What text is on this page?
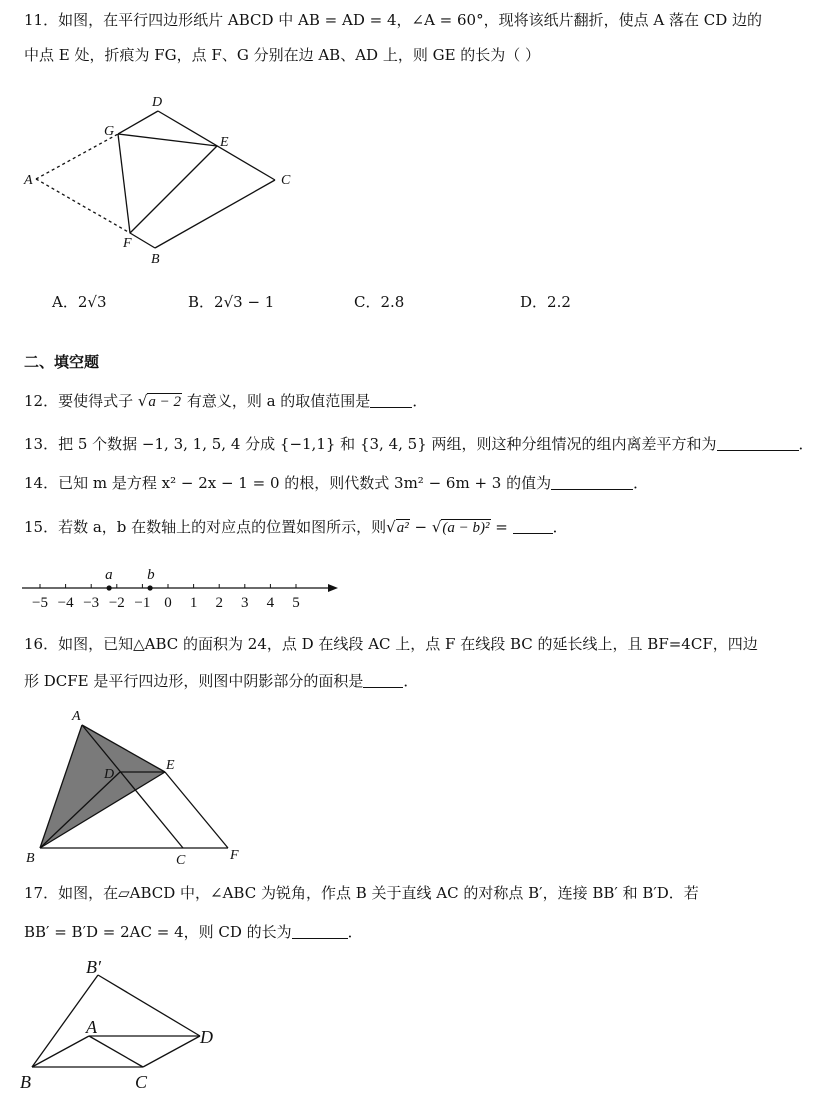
11．如图，在平行四边形纸片 ABCD 中 AB = AD = 4，∠A = 60°，现将该纸片翻折，使点 A 落在 CD 边的
中点 E 处，折痕为 FG，点 F、G 分别在边 AB、AD 上，则 GE 的长为（ ）
D
G
E
A	C
F
B
−5 −4 −3 −2 −1 0 1 2 3 4 5
a b
A
D
E
B	C	F
B′
A	D
B	C
A．2√3	B．2√3 − 1	C．2.8	D．2.2
二、填空题
12．要使得式子 √a − 2 有意义，则 a 的取值范围是	．
13．把 5 个数据 −1, 3, 1, 5, 4 分成 {−1,1} 和 {3, 4, 5} 两组，则这种分组情况的组内离差平方和为	．
14．已知 m 是方程 x² − 2x − 1 = 0 的根，则代数式 3m² − 6m + 3 的值为	．
15．若数 a，b 在数轴上的对应点的位置如图所示，则√a² − √(a − b)² =	．
16．如图，已知△ABC 的面积为 24，点 D 在线段 AC 上，点 F 在线段 BC 的延长线上，且 BF=4CF，四边
形 DCFE 是平行四边形，则图中阴影部分的面积是	．
17．如图，在▱ABCD 中，∠ABC 为锐角，作点 B 关于直线 AC 的对称点 B′，连接 BB′ 和 B′D．若
BB′ = B′D = 2AC = 4，则 CD 的长为	．
